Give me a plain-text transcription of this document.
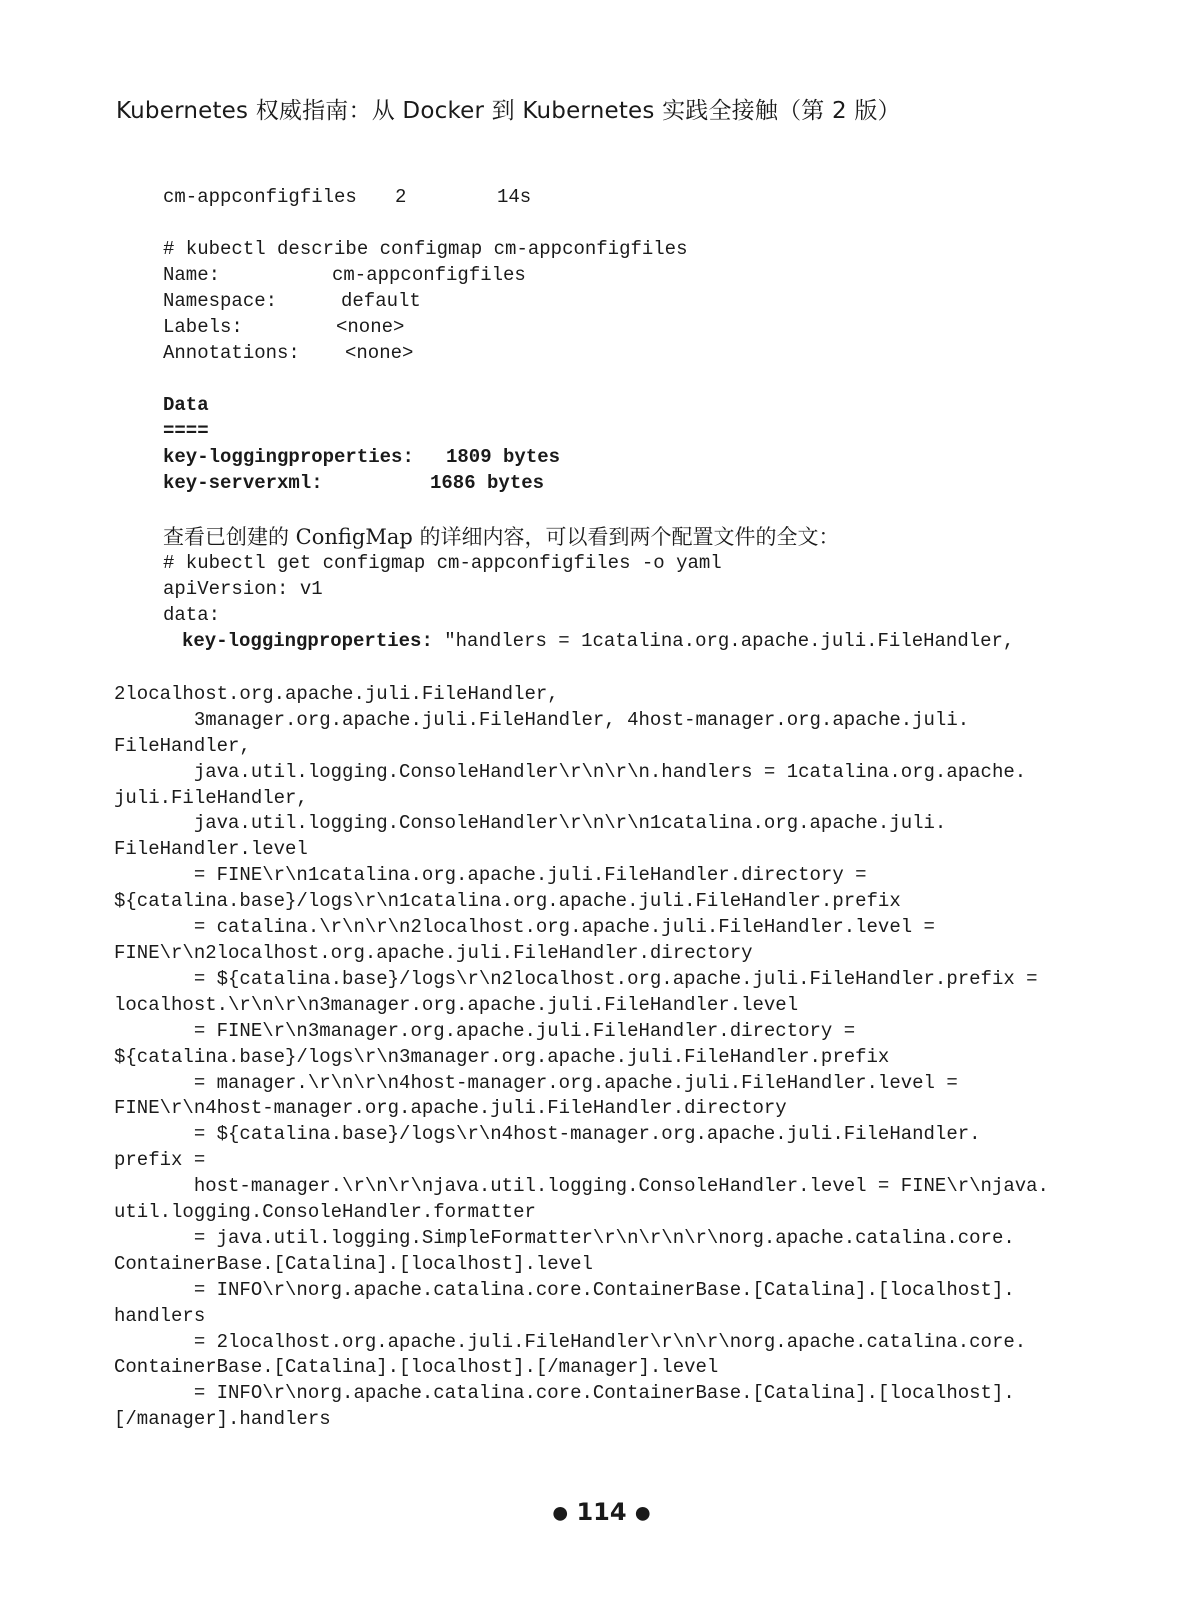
Kubernetes 权威指南：从 Docker 到 Kubernetes 实践全接触（第 2 版）
cm-appconfigfiles 2	14s
# kubectl describe configmap cm-appconfigfiles
Name:	cm-appconfigfiles
Namespace:	default
Labels:	<none>
Annotations: <none>
Data
====
key-loggingproperties: 1809 bytes
key-serverxml:	1686 bytes
查看已创建的 ConfigMap 的详细内容，可以看到两个配置文件的全文：
# kubectl get configmap cm-appconfigfiles -o yaml
apiVersion: v1
data:
key-loggingproperties: "handlers = 1catalina.org.apache.juli.FileHandler,

2localhost.org.apache.juli.FileHandler,
3manager.org.apache.juli.FileHandler, 4host-manager.org.apache.juli.
FileHandler,
java.util.logging.ConsoleHandler\r\n\r\n.handlers = 1catalina.org.apache.
juli.FileHandler,
java.util.logging.ConsoleHandler\r\n\r\n1catalina.org.apache.juli.
FileHandler.level
= FINE\r\n1catalina.org.apache.juli.FileHandler.directory =
${catalina.base}/logs\r\n1catalina.org.apache.juli.FileHandler.prefix
= catalina.\r\n\r\n2localhost.org.apache.juli.FileHandler.level =
FINE\r\n2localhost.org.apache.juli.FileHandler.directory
= ${catalina.base}/logs\r\n2localhost.org.apache.juli.FileHandler.prefix =
localhost.\r\n\r\n3manager.org.apache.juli.FileHandler.level
= FINE\r\n3manager.org.apache.juli.FileHandler.directory =
${catalina.base}/logs\r\n3manager.org.apache.juli.FileHandler.prefix
= manager.\r\n\r\n4host-manager.org.apache.juli.FileHandler.level =
FINE\r\n4host-manager.org.apache.juli.FileHandler.directory
= ${catalina.base}/logs\r\n4host-manager.org.apache.juli.FileHandler.
prefix =
host-manager.\r\n\r\njava.util.logging.ConsoleHandler.level = FINE\r\njava.
util.logging.ConsoleHandler.formatter
= java.util.logging.SimpleFormatter\r\n\r\n\r\norg.apache.catalina.core.
ContainerBase.[Catalina].[localhost].level
= INFO\r\norg.apache.catalina.core.ContainerBase.[Catalina].[localhost].
handlers
= 2localhost.org.apache.juli.FileHandler\r\n\r\norg.apache.catalina.core.
ContainerBase.[Catalina].[localhost].[/manager].level
= INFO\r\norg.apache.catalina.core.ContainerBase.[Catalina].[localhost].
[/manager].handlers

● 114 ●
